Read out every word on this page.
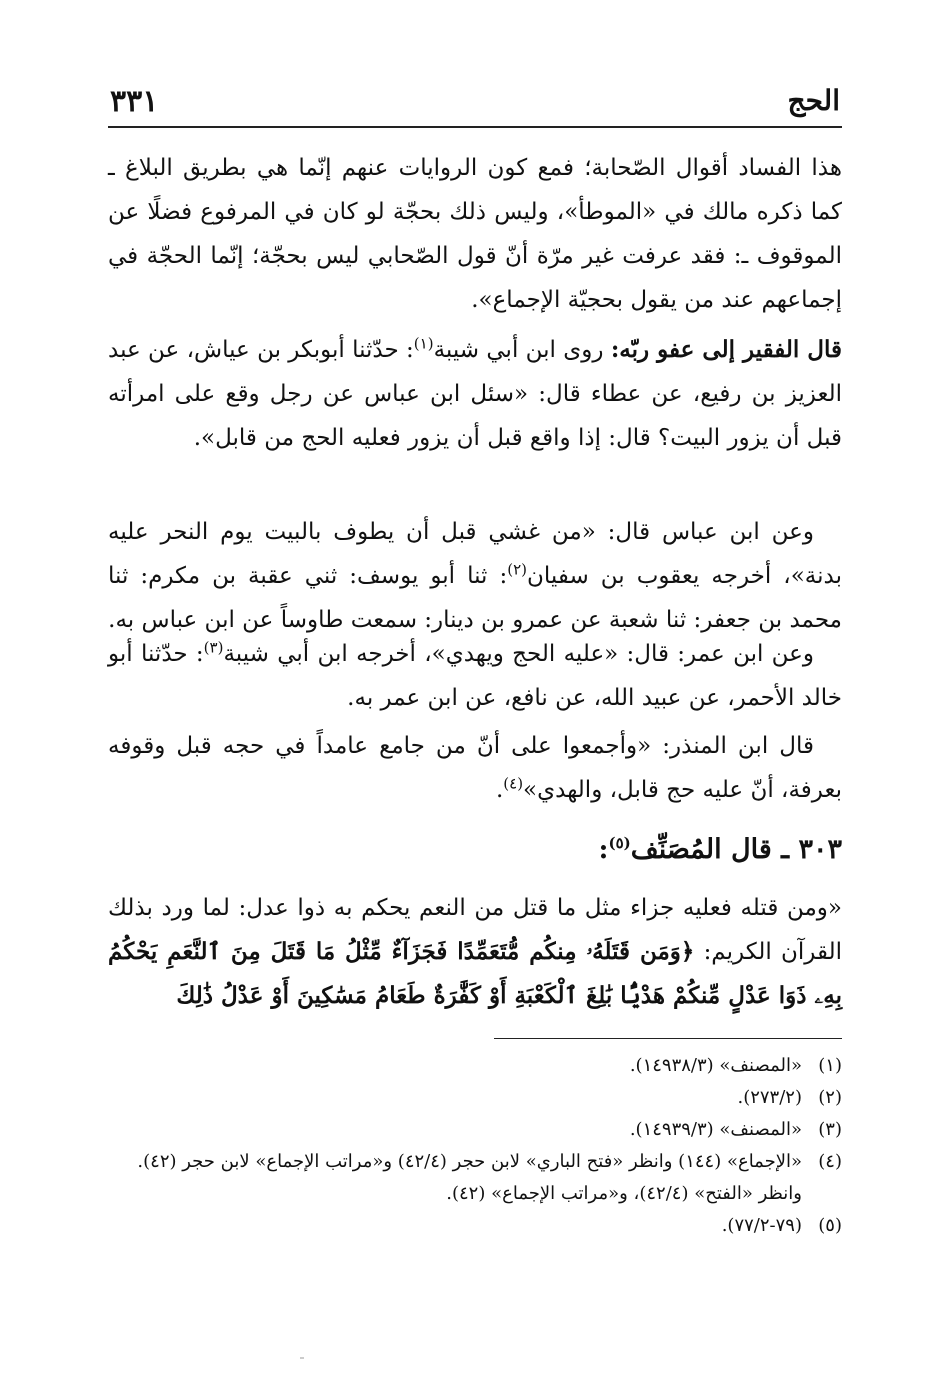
٣٣١	الحج

هذا الفساد أقوال الصّحابة؛ فمع كون الروايات عنهم إنّما هي بطريق البلاغ ـ كما ذكره مالك في «الموطأ»، وليس ذلك بحجّة لو كان في المرفوع فضلًا عن الموقوف ـ: فقد عرفت غير مرّة أنّ قول الصّحابي ليس بحجّة؛ إنّما الحجّة في إجماعهم عند من يقول بحجيّة الإجماع».

قال الفقير إلى عفو ربّه: روى ابن أبي شيبة$^{(١)}$: حدّثنا أبوبكر بن عياش، عن عبد العزيز بن رفيع، عن عطاء قال: «سئل ابن عباس عن رجل وقع على امرأته قبل أن يزور البيت؟ قال: إذا واقع قبل أن يزور فعليه الحج من قابل».

وعن ابن عباس قال: «من غشي قبل أن يطوف بالبيت يوم النحر عليه بدنة»، أخرجه يعقوب بن سفيان$^{(٢)}$: ثنا أبو يوسف: ثني عقبة بن مكرم: ثنا محمد بن جعفر: ثنا شعبة عن عمرو بن دينار: سمعت طاوساً عن ابن عباس به.

وعن ابن عمر: قال: «عليه الحج ويهدي»، أخرجه ابن أبي شيبة$^{(٣)}$: حدّثنا أبو خالد الأحمر، عن عبيد الله، عن نافع، عن ابن عمر به.

قال ابن المنذر: «وأجمعوا على أنّ من جامع عامداً في حجه قبل وقوفه بعرفة، أنّ عليه حج قابل، والهدي»$^{(٤)}$.

٣٠٣ ـ قال المُصَنِّف$^{(٥)}$:

«ومن قتله فعليه جزاء مثل ما قتل من النعم يحكم به ذوا عدل: لما ورد بذلك القرآن الكريم: ﴿وَمَن قَتَلَهُۥ مِنكُم مُّتَعَمِّدًا فَجَزَآءٌ مِّثْلُ مَا قَتَلَ مِنَ ٱلنَّعَمِ يَحْكُمُ بِهِۦ ذَوَا عَدْلٍ مِّنكُمْ هَدْيًۢا بَٰلِغَ ٱلْكَعْبَةِ أَوْ كَفَّٰرَةٌ طَعَامُ مَسَٰكِينَ أَوْ عَدْلُ ذَٰلِكَ

(١)
«المصنف» (١٤٩٣٨/٣).
(٢)
(٢٧٣/٢).
(٣)
«المصنف» (١٤٩٣٩/٣).
(٤)
«الإجماع» (١٤٤) وانظر «فتح الباري» لابن حجر (٤٢/٤) و«مراتب الإجماع» لابن حجر (٤٢).
وانظر «الفتح» (٤٢/٤)، و«مراتب الإجماع» (٤٢).
(٥)
(٧٩-٧٧/٢).
